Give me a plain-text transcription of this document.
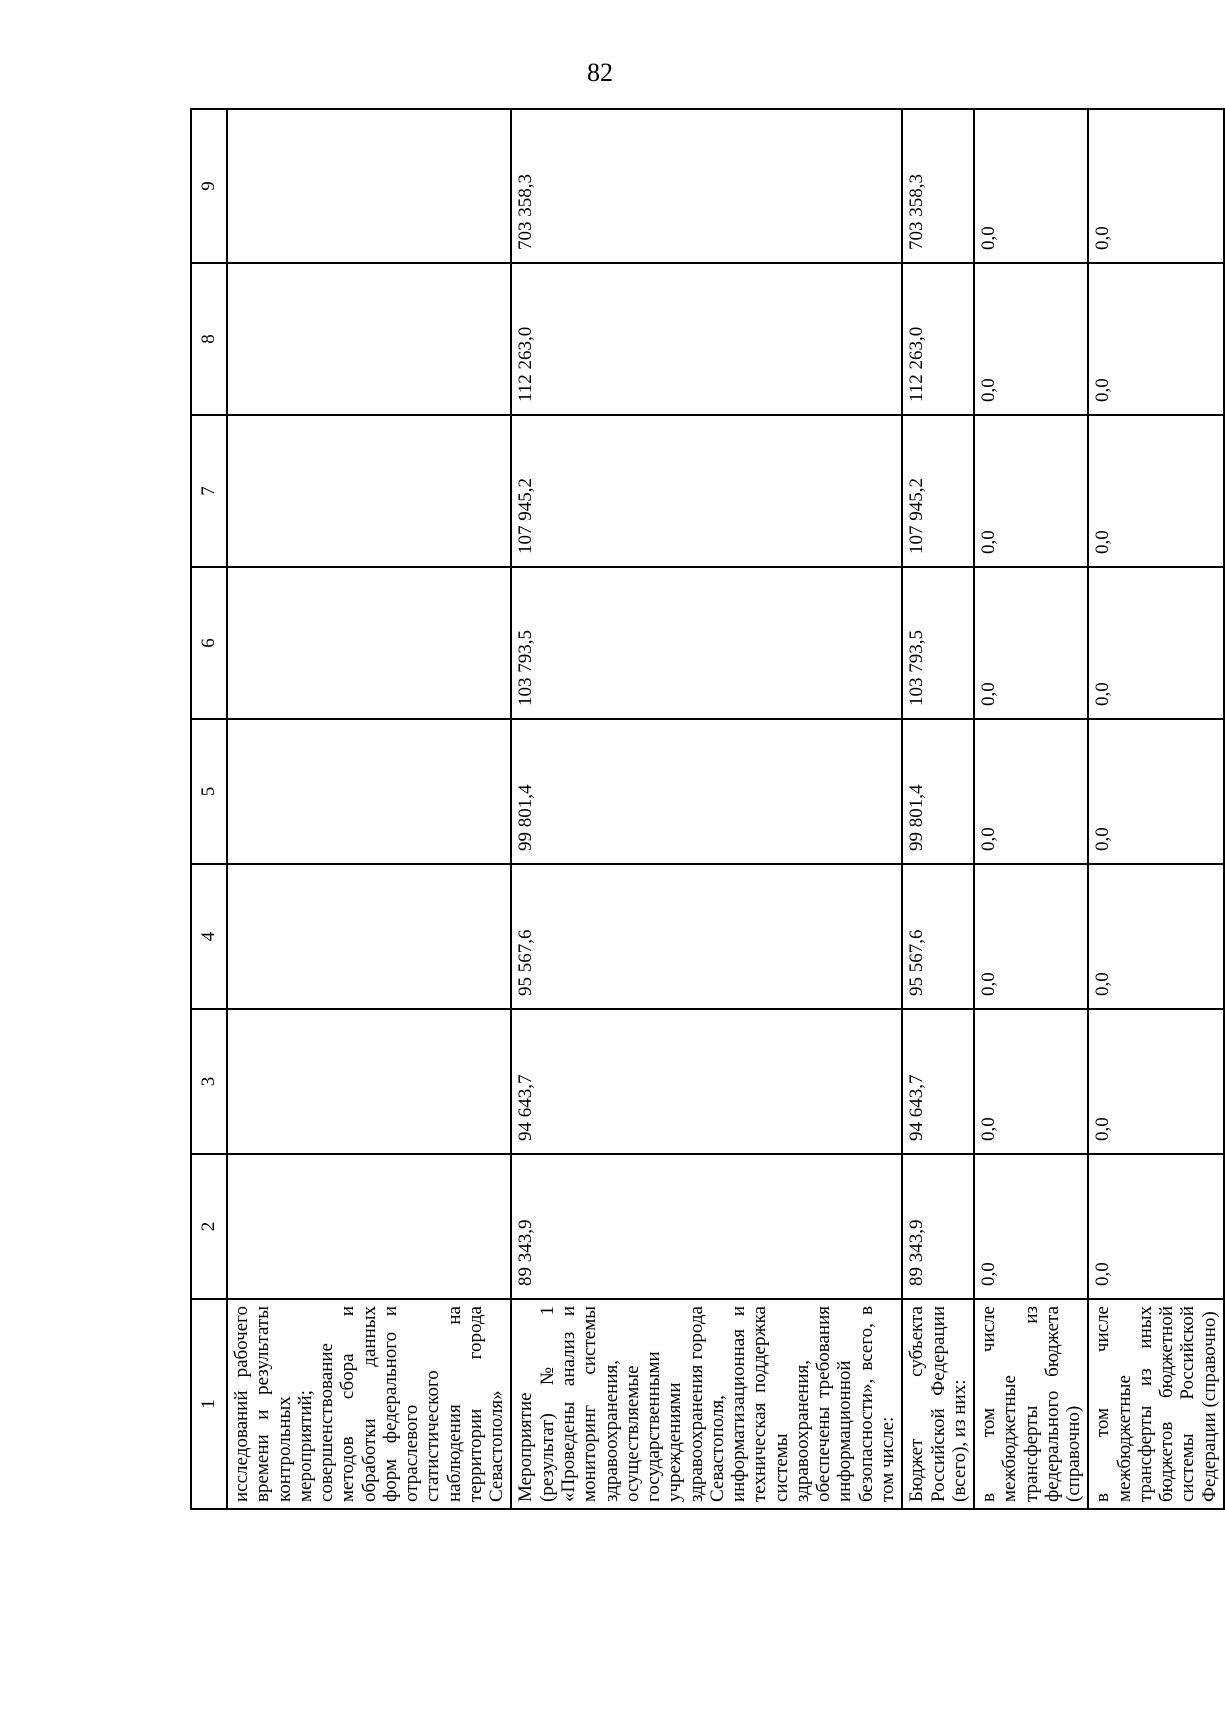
82
1	2	3	4	5	6	7	8	9
исследований рабочего времени и результаты контрольных мероприятий; совершенствование методов сбора и обработки данных форм федерального и отраслевого статистического наблюдения на территории города Севастополя»								
Мероприятие (результат) № 1 «Проведены анализ и мониторинг системы здравоохранения, осуществляемые государственными учреждениями здравоохранения города Севастополя, информатизационная и техническая поддержка системы здравоохранения, обеспечены требования информационной безопасности», всего, в том числе:	89 343,9	94 643,7	95 567,6	99 801,4	103 793,5	107 945,2	112 263,0	703 358,3
Бюджет субъекта Российской Федерации (всего), из них:	89 343,9	94 643,7	95 567,6	99 801,4	103 793,5	107 945,2	112 263,0	703 358,3
в том числе межбюджетные трансферты из федерального бюджета (справочно)	0,0	0,0	0,0	0,0	0,0	0,0	0,0	0,0
в том числе межбюджетные трансферты из иных бюджетов бюджетной системы Российской Федерации (справочно)	0,0	0,0	0,0	0,0	0,0	0,0	0,0	0,0
